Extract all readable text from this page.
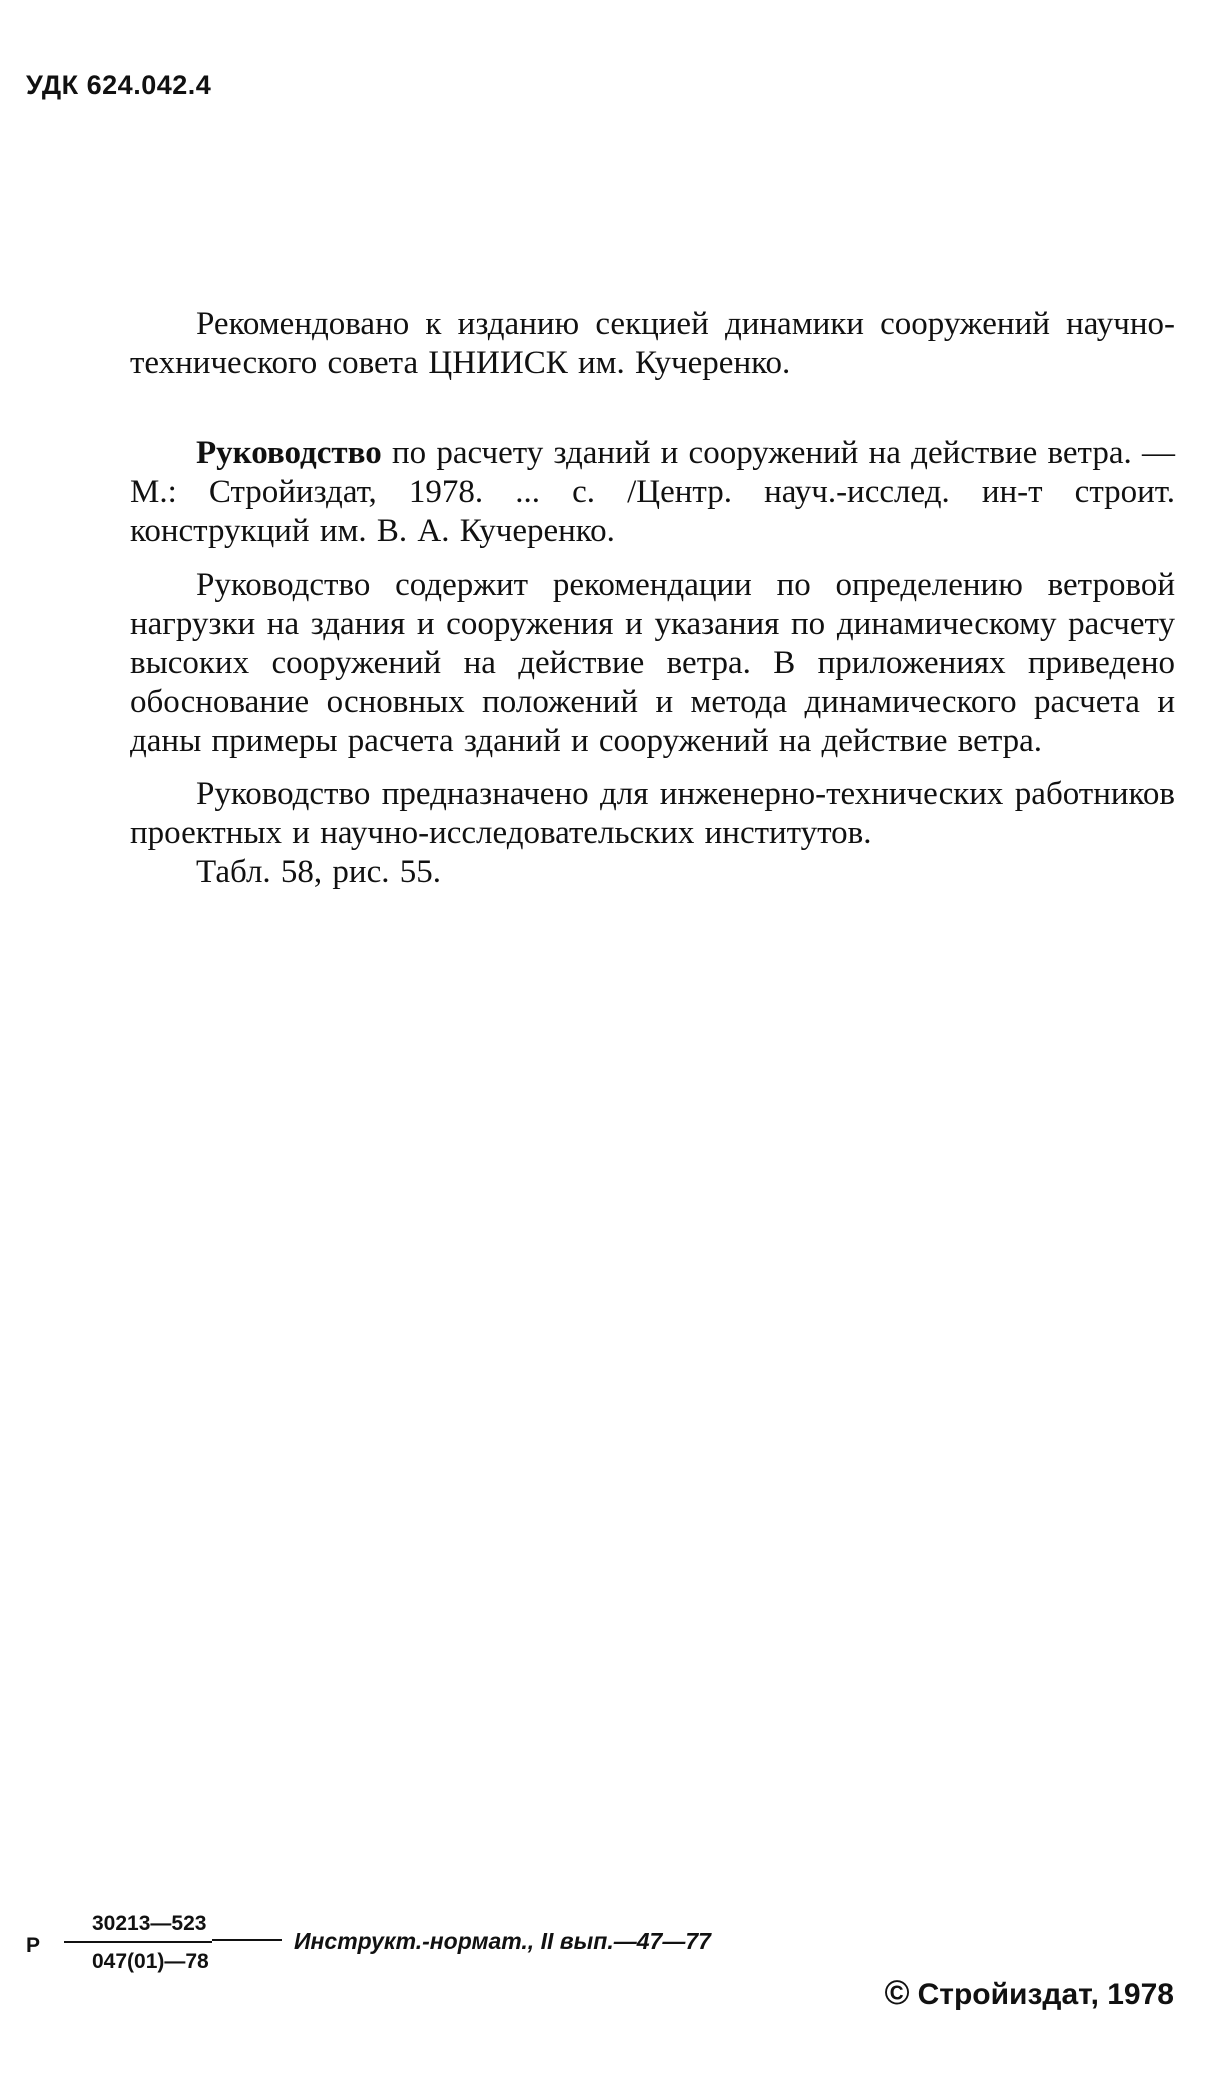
УДК 624.042.4

Рекомендовано к изданию секцией динамики сооружений научно-технического совета ЦНИИСК им. Кучеренко.

Руководство по расчету зданий и сооружений на действие ветра. — М.: Стройиздат, 1978. ... с. /Центр. науч.-исслед. ин-т строит. конструкций им. В. А. Кучеренко.

Руководство содержит рекомендации по определению ветровой нагрузки на здания и сооружения и указания по динамическому расчету высоких сооружений на действие ветра. В приложениях приведено обоснование основных положений и метода динамического расчета и даны примеры расчета зданий и сооружений на действие ветра.

Руководство предназначено для инженерно-технических работников проектных и научно-исследовательских институтов.
Табл. 58, рис. 55.

Р $\frac{30213—523}{047(01)—78}$ Инструкт.-нормат., II вып.—47—77
© Стройиздат, 1978
